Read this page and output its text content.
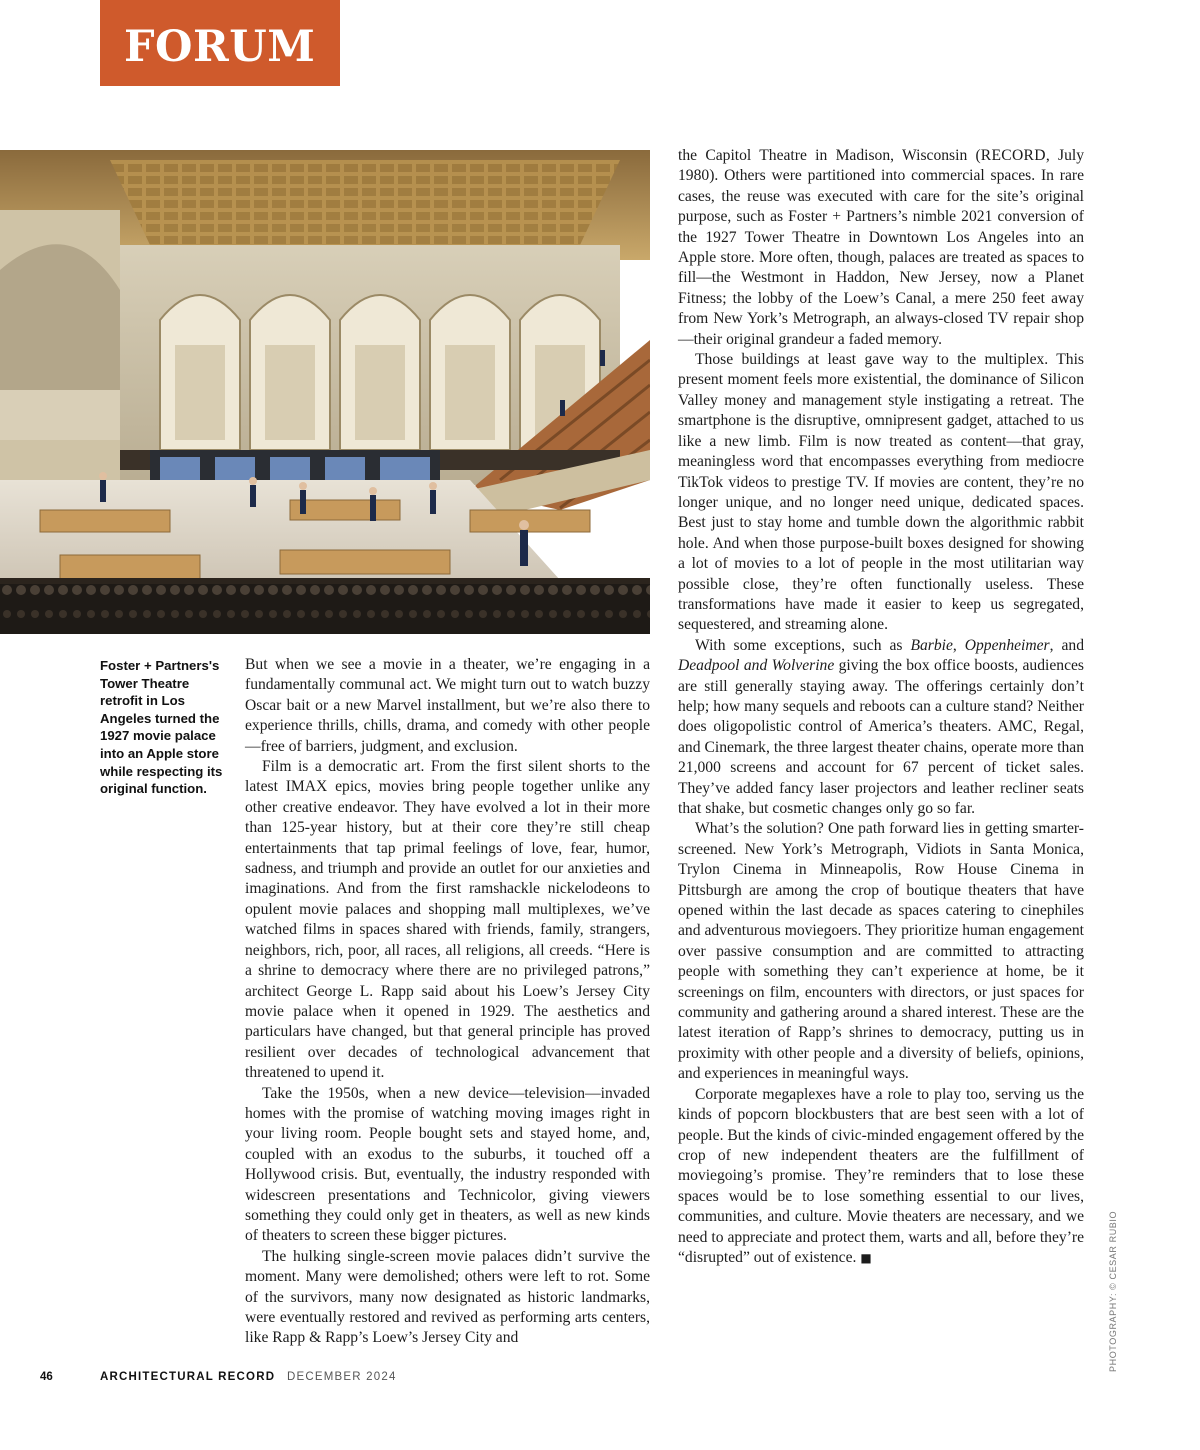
FORUM
Foster + Partners's Tower Theatre retrofit in Los Angeles turned the 1927 movie palace into an Apple store while respecting its original function.

But when we see a movie in a theater, we’re engaging in a fundamentally communal act. We might turn out to watch buzzy Oscar bait or a new Marvel installment, but we’re also there to experience thrills, chills, drama, and comedy with other people—free of barriers, judgment, and exclusion.

Film is a democratic art. From the first silent shorts to the latest IMAX epics, movies bring people together unlike any other creative endeavor. They have evolved a lot in their more than 125-year history, but at their core they’re still cheap entertainments that tap primal feelings of love, fear, humor, sadness, and triumph and provide an outlet for our anxieties and imaginations. And from the first ramshackle nickelodeons to opulent movie palaces and shopping mall multiplexes, we’ve watched films in spaces shared with friends, family, strangers, neighbors, rich, poor, all races, all religions, all creeds. “Here is a shrine to democracy where there are no privileged patrons,” architect George L. Rapp said about his Loew’s Jersey City movie palace when it opened in 1929. The aesthetics and particulars have changed, but that general principle has proved resilient over decades of technological advancement that threatened to upend it.

Take the 1950s, when a new device—television—invaded homes with the promise of watching moving images right in your living room. People bought sets and stayed home, and, coupled with an exodus to the suburbs, it touched off a Hollywood crisis. But, eventually, the industry responded with widescreen presentations and Technicolor, giving viewers something they could only get in theaters, as well as new kinds of theaters to screen these bigger pictures.

The hulking single-screen movie palaces didn’t survive the moment. Many were demolished; others were left to rot. Some of the survivors, many now designated as historic landmarks, were eventually restored and revived as performing arts centers, like Rapp & Rapp’s Loew’s Jersey City and

the Capitol Theatre in Madison, Wisconsin (RECORD, July 1980). Others were partitioned into commercial spaces. In rare cases, the reuse was executed with care for the site’s original purpose, such as Foster + Partners’s nimble 2021 conversion of the 1927 Tower Theatre in Downtown Los Angeles into an Apple store. More often, though, palaces are treated as spaces to fill—the Westmont in Haddon, New Jersey, now a Planet Fitness; the lobby of the Loew’s Canal, a mere 250 feet away from New York’s Metrograph, an always-closed TV repair shop—their original grandeur a faded memory.

Those buildings at least gave way to the multiplex. This present moment feels more existential, the dominance of Silicon Valley money and management style instigating a retreat. The smartphone is the disruptive, omnipresent gadget, attached to us like a new limb. Film is now treated as content—that gray, meaningless word that encompasses everything from mediocre TikTok videos to prestige TV. If movies are content, they’re no longer unique, and no longer need unique, dedicated spaces. Best just to stay home and tumble down the algorithmic rabbit hole. And when those purpose-built boxes designed for showing a lot of movies to a lot of people in the most utilitarian way possible close, they’re often functionally useless. These transformations have made it easier to keep us segregated, sequestered, and streaming alone.

With some exceptions, such as Barbie, Oppenheimer, and Deadpool and Wolverine giving the box office boosts, audiences are still generally staying away. The offerings certainly don’t help; how many sequels and reboots can a culture stand? Neither does oligopolistic control of America’s theaters. AMC, Regal, and Cinemark, the three largest theater chains, operate more than 21,000 screens and account for 67 percent of ticket sales. They’ve added fancy laser projectors and leather recliner seats that shake, but cosmetic changes only go so far.

What’s the solution? One path forward lies in getting smarter-screened. New York’s Metrograph, Vidiots in Santa Monica, Trylon Cinema in Minneapolis, Row House Cinema in Pittsburgh are among the crop of boutique theaters that have opened within the last decade as spaces catering to cinephiles and adventurous moviegoers. They prioritize human engagement over passive consumption and are committed to attracting people with something they can’t experience at home, be it screenings on film, encounters with directors, or just spaces for community and gathering around a shared interest. These are the latest iteration of Rapp’s shrines to democracy, putting us in proximity with other people and a diversity of beliefs, opinions, and experiences in meaningful ways.

Corporate megaplexes have a role to play too, serving us the kinds of popcorn blockbusters that are best seen with a lot of people. But the kinds of civic-minded engagement offered by the crop of new independent theaters are the fulfillment of moviegoing’s promise. They’re reminders that to lose these spaces would be to lose something essential to our lives, communities, and culture. Movie theaters are necessary, and we need to appreciate and protect them, warts and all, before they’re “disrupted” out of existence. ■	PHOTOGRAPHY: © CESAR RUBIO
46	ARCHITECTURAL RECORD DECEMBER 2024
